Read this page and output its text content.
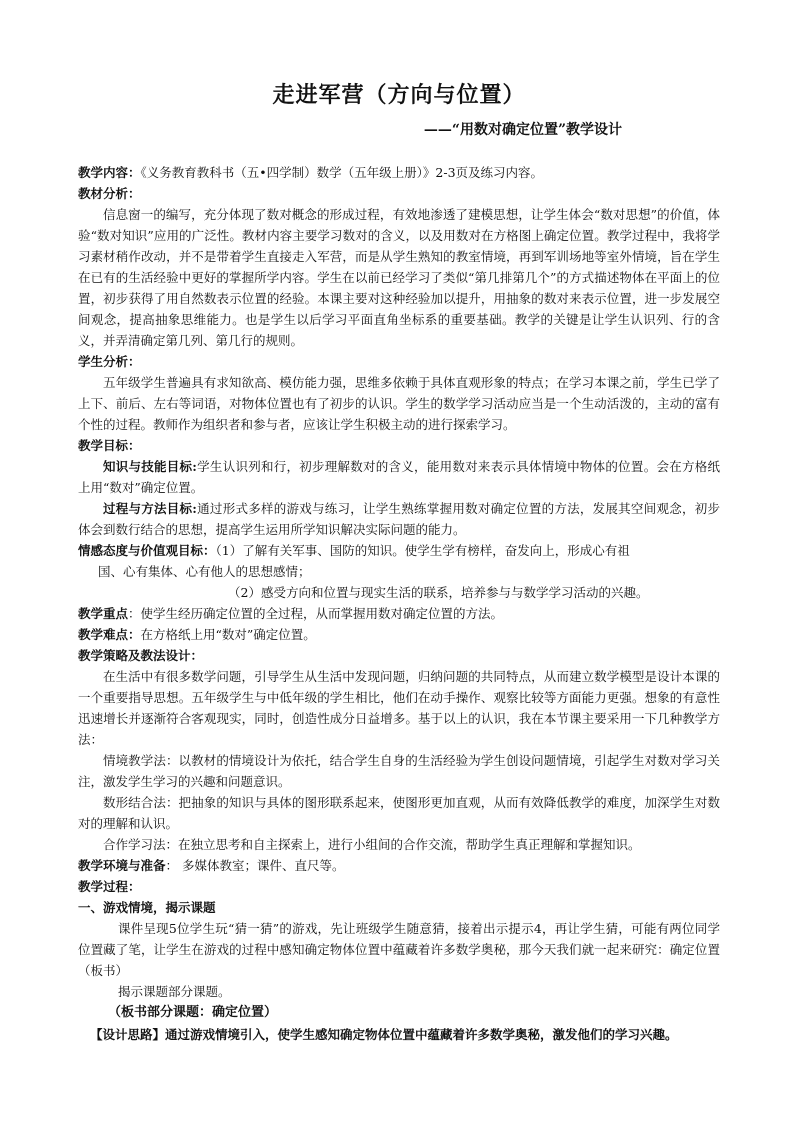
走进军营（方向与位置）
——“用数对确定位置”教学设计

教学内容：《义务教育教科书（五•四学制）数学（五年级上册）》2-3页及练习内容。

教材分析：

信息窗一的编写，充分体现了数对概念的形成过程，有效地渗透了建模思想，让学生体会“数对思想”的价值，体验“数对知识”应用的广泛性。教材内容主要学习数对的含义，以及用数对在方格图上确定位置。教学过程中，我将学习素材稍作改动，并不是带着学生直接走入军营，而是从学生熟知的教室情境，再到军训场地等室外情境，旨在学生在已有的生活经验中更好的掌握所学内容。学生在以前已经学习了类似“第几排第几个”的方式描述物体在平面上的位置，初步获得了用自然数表示位置的经验。本课主要对这种经验加以提升，用抽象的数对来表示位置，进一步发展空间观念，提高抽象思维能力。也是学生以后学习平面直角坐标系的重要基础。教学的关键是让学生认识列、行的含义，并弄清确定第几列、第几行的规则。

学生分析：

五年级学生普遍具有求知欲高、模仿能力强，思维多依赖于具体直观形象的特点；在学习本课之前，学生已学了上下、前后、左右等词语，对物体位置也有了初步的认识。学生的数学学习活动应当是一个生动活泼的，主动的富有个性的过程。教师作为组织者和参与者，应该让学生积极主动的进行探索学习。

教学目标：

知识与技能目标:学生认识列和行，初步理解数对的含义，能用数对来表示具体情境中物体的位置。会在方格纸上用“数对”确定位置。

过程与方法目标:通过形式多样的游戏与练习，让学生熟练掌握用数对确定位置的方法，发展其空间观念，初步体会到数行结合的思想，提高学生运用所学知识解决实际问题的能力。

情感态度与价值观目标：（1）了解有关军事、国防的知识。使学生学有榜样，奋发向上，形成心有祖

国、心有集体、心有他人的思想感情；

（2）感受方向和位置与现实生活的联系，培养参与与数学学习活动的兴趣。

教学重点：使学生经历确定位置的全过程，从而掌握用数对确定位置的方法。

教学难点：在方格纸上用“数对”确定位置。

教学策略及教法设计：

在生活中有很多数学问题，引导学生从生活中发现问题，归纳问题的共同特点，从而建立数学模型是设计本课的一个重要指导思想。五年级学生与中低年级的学生相比，他们在动手操作、观察比较等方面能力更强。想象的有意性迅速增长并逐渐符合客观现实，同时，创造性成分日益增多。基于以上的认识，我在本节课主要采用一下几种教学方法：

情境教学法：以教材的情境设计为依托，结合学生自身的生活经验为学生创设问题情境，引起学生对数对学习关注，激发学生学习的兴趣和问题意识。

数形结合法：把抽象的知识与具体的图形联系起来，使图形更加直观，从而有效降低教学的难度，加深学生对数对的理解和认识。

合作学习法：在独立思考和自主探索上，进行小组间的合作交流，帮助学生真正理解和掌握知识。

教学环境与准备： 多媒体教室；课件、直尺等。

教学过程：

一、游戏情境，揭示课题

课件呈现5位学生玩“猜一猜”的游戏，先让班级学生随意猜，接着出示提示4，再让学生猜，可能有两位同学位置藏了笔，让学生在游戏的过程中感知确定物体位置中蕴藏着许多数学奥秘，那今天我们就一起来研究：确定位置（板书）

揭示课题部分课题。

（板书部分课题：确定位置）

【设计思路】通过游戏情境引入，使学生感知确定物体位置中蕴藏着许多数学奥秘，激发他们的学习兴趣。
